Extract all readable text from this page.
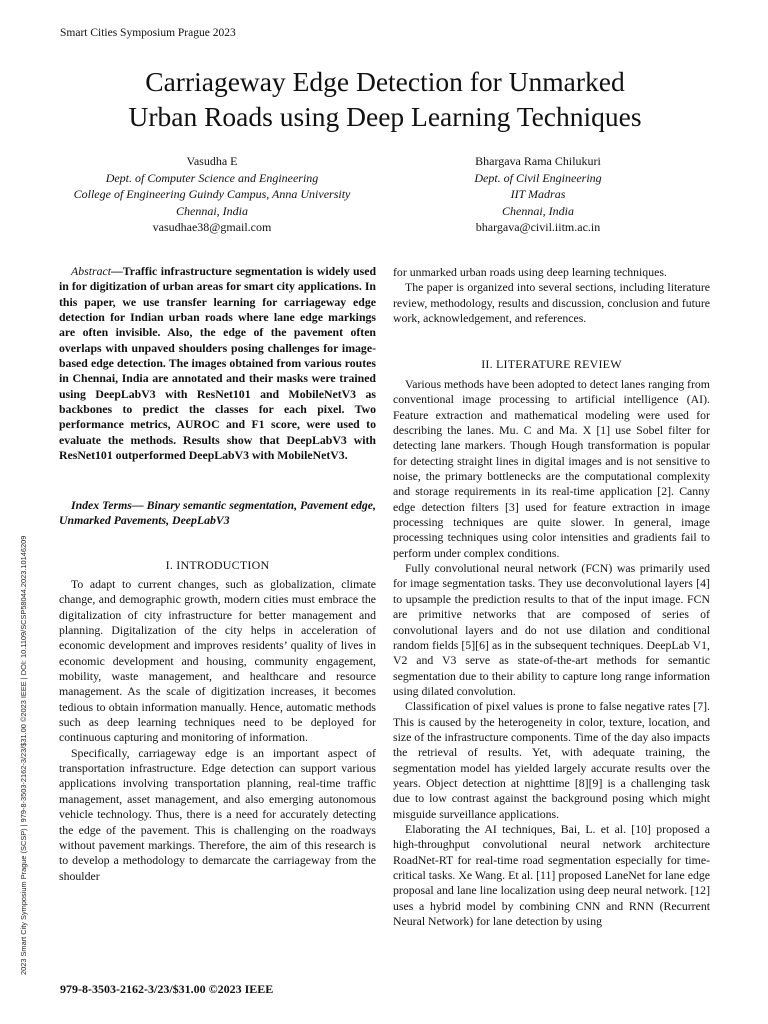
Smart Cities Symposium Prague 2023
2023 Smart City Symposium Prague (SCSP) | 979-8-3503-2162-3/23/$31.00 ©2023 IEEE | DOI: 10.1109/SCSP58044.2023.10146209
Carriageway Edge Detection for Unmarked
Urban Roads using Deep Learning Techniques
Vasudha E
Dept. of Computer Science and Engineering
College of Engineering Guindy Campus, Anna University
Chennai, India
vasudhae38@gmail.com
Bhargava Rama Chilukuri
Dept. of Civil Engineering
IIT Madras
Chennai, India
bhargava@civil.iitm.ac.in

Abstract—Traffic infrastructure segmentation is widely used in for digitization of urban areas for smart city applications. In this paper, we use transfer learning for carriageway edge detection for Indian urban roads where lane edge markings are often invisible. Also, the edge of the pavement often overlaps with unpaved shoulders posing challenges for image-based edge detection. The images obtained from various routes in Chennai, India are annotated and their masks were trained using DeepLabV3 with ResNet101 and MobileNetV3 as backbones to predict the classes for each pixel. Two performance metrics, AUROC and F1 score, were used to evaluate the methods. Results show that DeepLabV3 with ResNet101 outperformed DeepLabV3 with MobileNetV3.

Index Terms— Binary semantic segmentation, Pavement edge, Unmarked Pavements, DeepLabV3

I. INTRODUCTION

To adapt to current changes, such as globalization, climate change, and demographic growth, modern cities must embrace the digitalization of city infrastructure for better management and planning. Digitalization of the city helps in acceleration of economic development and improves residents’ quality of lives in economic development and housing, community engagement, mobility, waste management, and healthcare and resource management. As the scale of digitization increases, it becomes tedious to obtain information manually. Hence, automatic methods such as deep learning techniques need to be deployed for continuous capturing and monitoring of information.

Specifically, carriageway edge is an important aspect of transportation infrastructure. Edge detection can support various applications involving transportation planning, real-time traffic management, asset management, and also emerging autonomous vehicle technology. Thus, there is a need for accurately detecting the edge of the pavement. This is challenging on the roadways without pavement markings. Therefore, the aim of this research is to develop a methodology to demarcate the carriageway from the shoulder

for unmarked urban roads using deep learning techniques.

The paper is organized into several sections, including literature review, methodology, results and discussion, conclusion and future work, acknowledgement, and references.

II. LITERATURE REVIEW

Various methods have been adopted to detect lanes ranging from conventional image processing to artificial intelligence (AI). Feature extraction and mathematical modeling were used for describing the lanes. Mu. C and Ma. X [1] use Sobel filter for detecting lane markers. Though Hough transformation is popular for detecting straight lines in digital images and is not sensitive to noise, the primary bottlenecks are the computational complexity and storage requirements in its real-time application [2]. Canny edge detection filters [3] used for feature extraction in image processing techniques are quite slower. In general, image processing techniques using color intensities and gradients fail to perform under complex conditions.

Fully convolutional neural network (FCN) was primarily used for image segmentation tasks. They use deconvolutional layers [4] to upsample the prediction results to that of the input image. FCN are primitive networks that are composed of series of convolutional layers and do not use dilation and conditional random fields [5][6] as in the subsequent techniques. DeepLab V1, V2 and V3 serve as state-of-the-art methods for semantic segmentation due to their ability to capture long range information using dilated convolution.

Classification of pixel values is prone to false negative rates [7]. This is caused by the heterogeneity in color, texture, location, and size of the infrastructure components. Time of the day also impacts the retrieval of results. Yet, with adequate training, the segmentation model has yielded largely accurate results over the years. Object detection at nighttime [8][9] is a challenging task due to low contrast against the background posing which might misguide surveillance applications.

Elaborating the AI techniques, Bai, L. et al. [10] proposed a high-throughput convolutional neural network architecture RoadNet-RT for real-time road segmentation especially for time-critical tasks. Xe Wang. Et al. [11] proposed LaneNet for lane edge proposal and lane line localization using deep neural network. [12] uses a hybrid model by combining CNN and RNN (Recurrent Neural Network) for lane detection by using

979-8-3503-2162-3/23/$31.00 ©2023 IEEE
